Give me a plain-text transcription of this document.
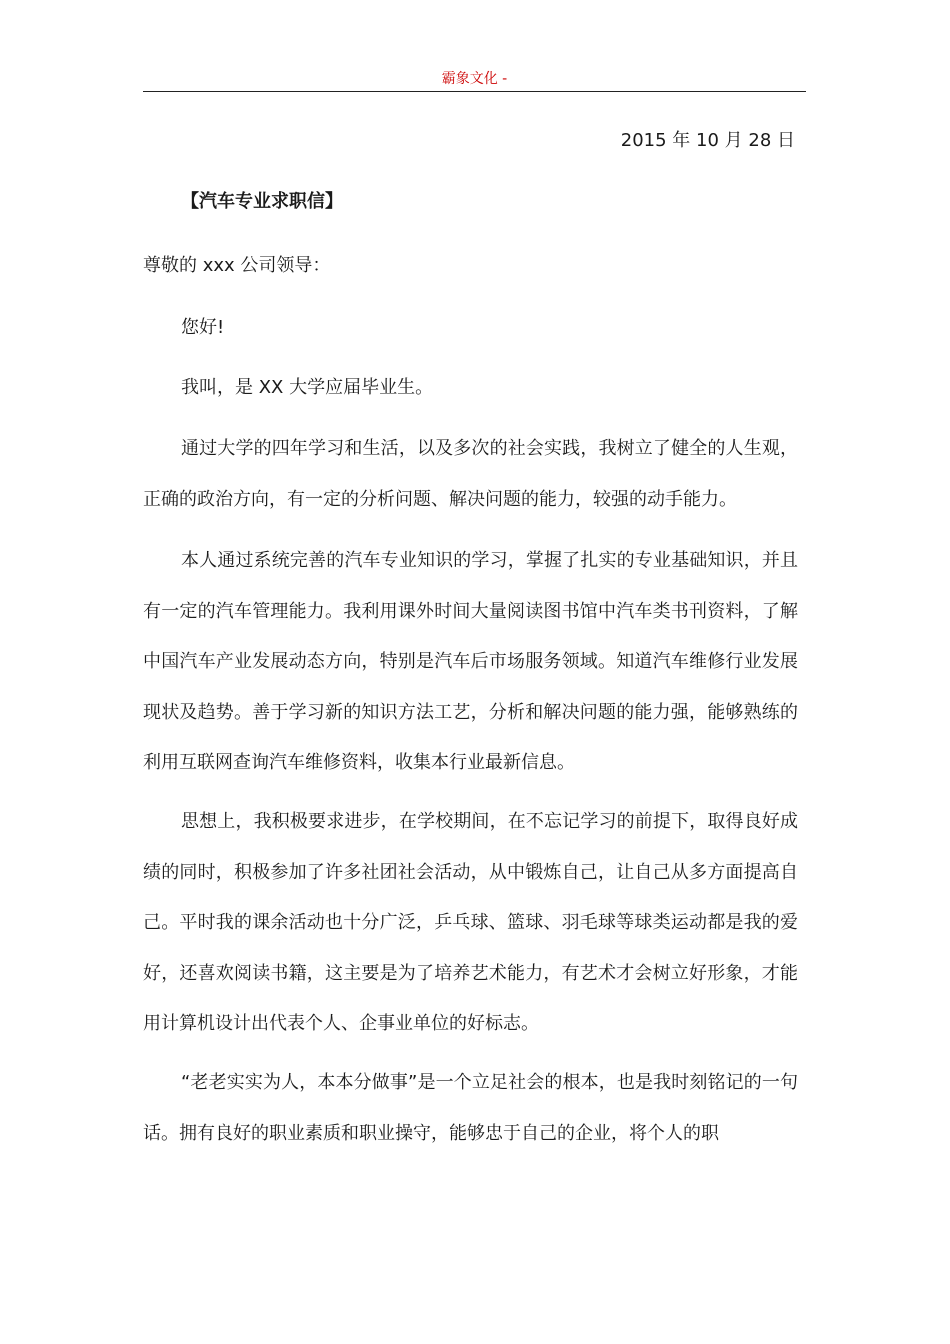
霸象文化 -
2015 年 10 月 28 日
【汽车专业求职信】
尊敬的 xxx 公司领导：

您好!

我叫，是 XX 大学应届毕业生。

通过大学的四年学习和生活，以及多次的社会实践，我树立了健全的人生观，正确的政治方向，有一定的分析问题、解决问题的能力，较强的动手能力。

本人通过系统完善的汽车专业知识的学习，掌握了扎实的专业基础知识，并且有一定的汽车管理能力。我利用课外时间大量阅读图书馆中汽车类书刊资料，了解中国汽车产业发展动态方向，特别是汽车后市场服务领域。知道汽车维修行业发展现状及趋势。善于学习新的知识方法工艺，分析和解决问题的能力强，能够熟练的利用互联网查询汽车维修资料，收集本行业最新信息。

思想上，我积极要求进步，在学校期间，在不忘记学习的前提下，取得良好成绩的同时，积极参加了许多社团社会活动，从中锻炼自己，让自己从多方面提高自己。平时我的课余活动也十分广泛，乒乓球、篮球、羽毛球等球类运动都是我的爱好，还喜欢阅读书籍，这主要是为了培养艺术能力，有艺术才会树立好形象，才能用计算机设计出代表个人、企事业单位的好标志。

“老老实实为人，本本分做事”是一个立足社会的根本，也是我时刻铭记的一句话。拥有良好的职业素质和职业操守，能够忠于自己的企业，将个人的职
